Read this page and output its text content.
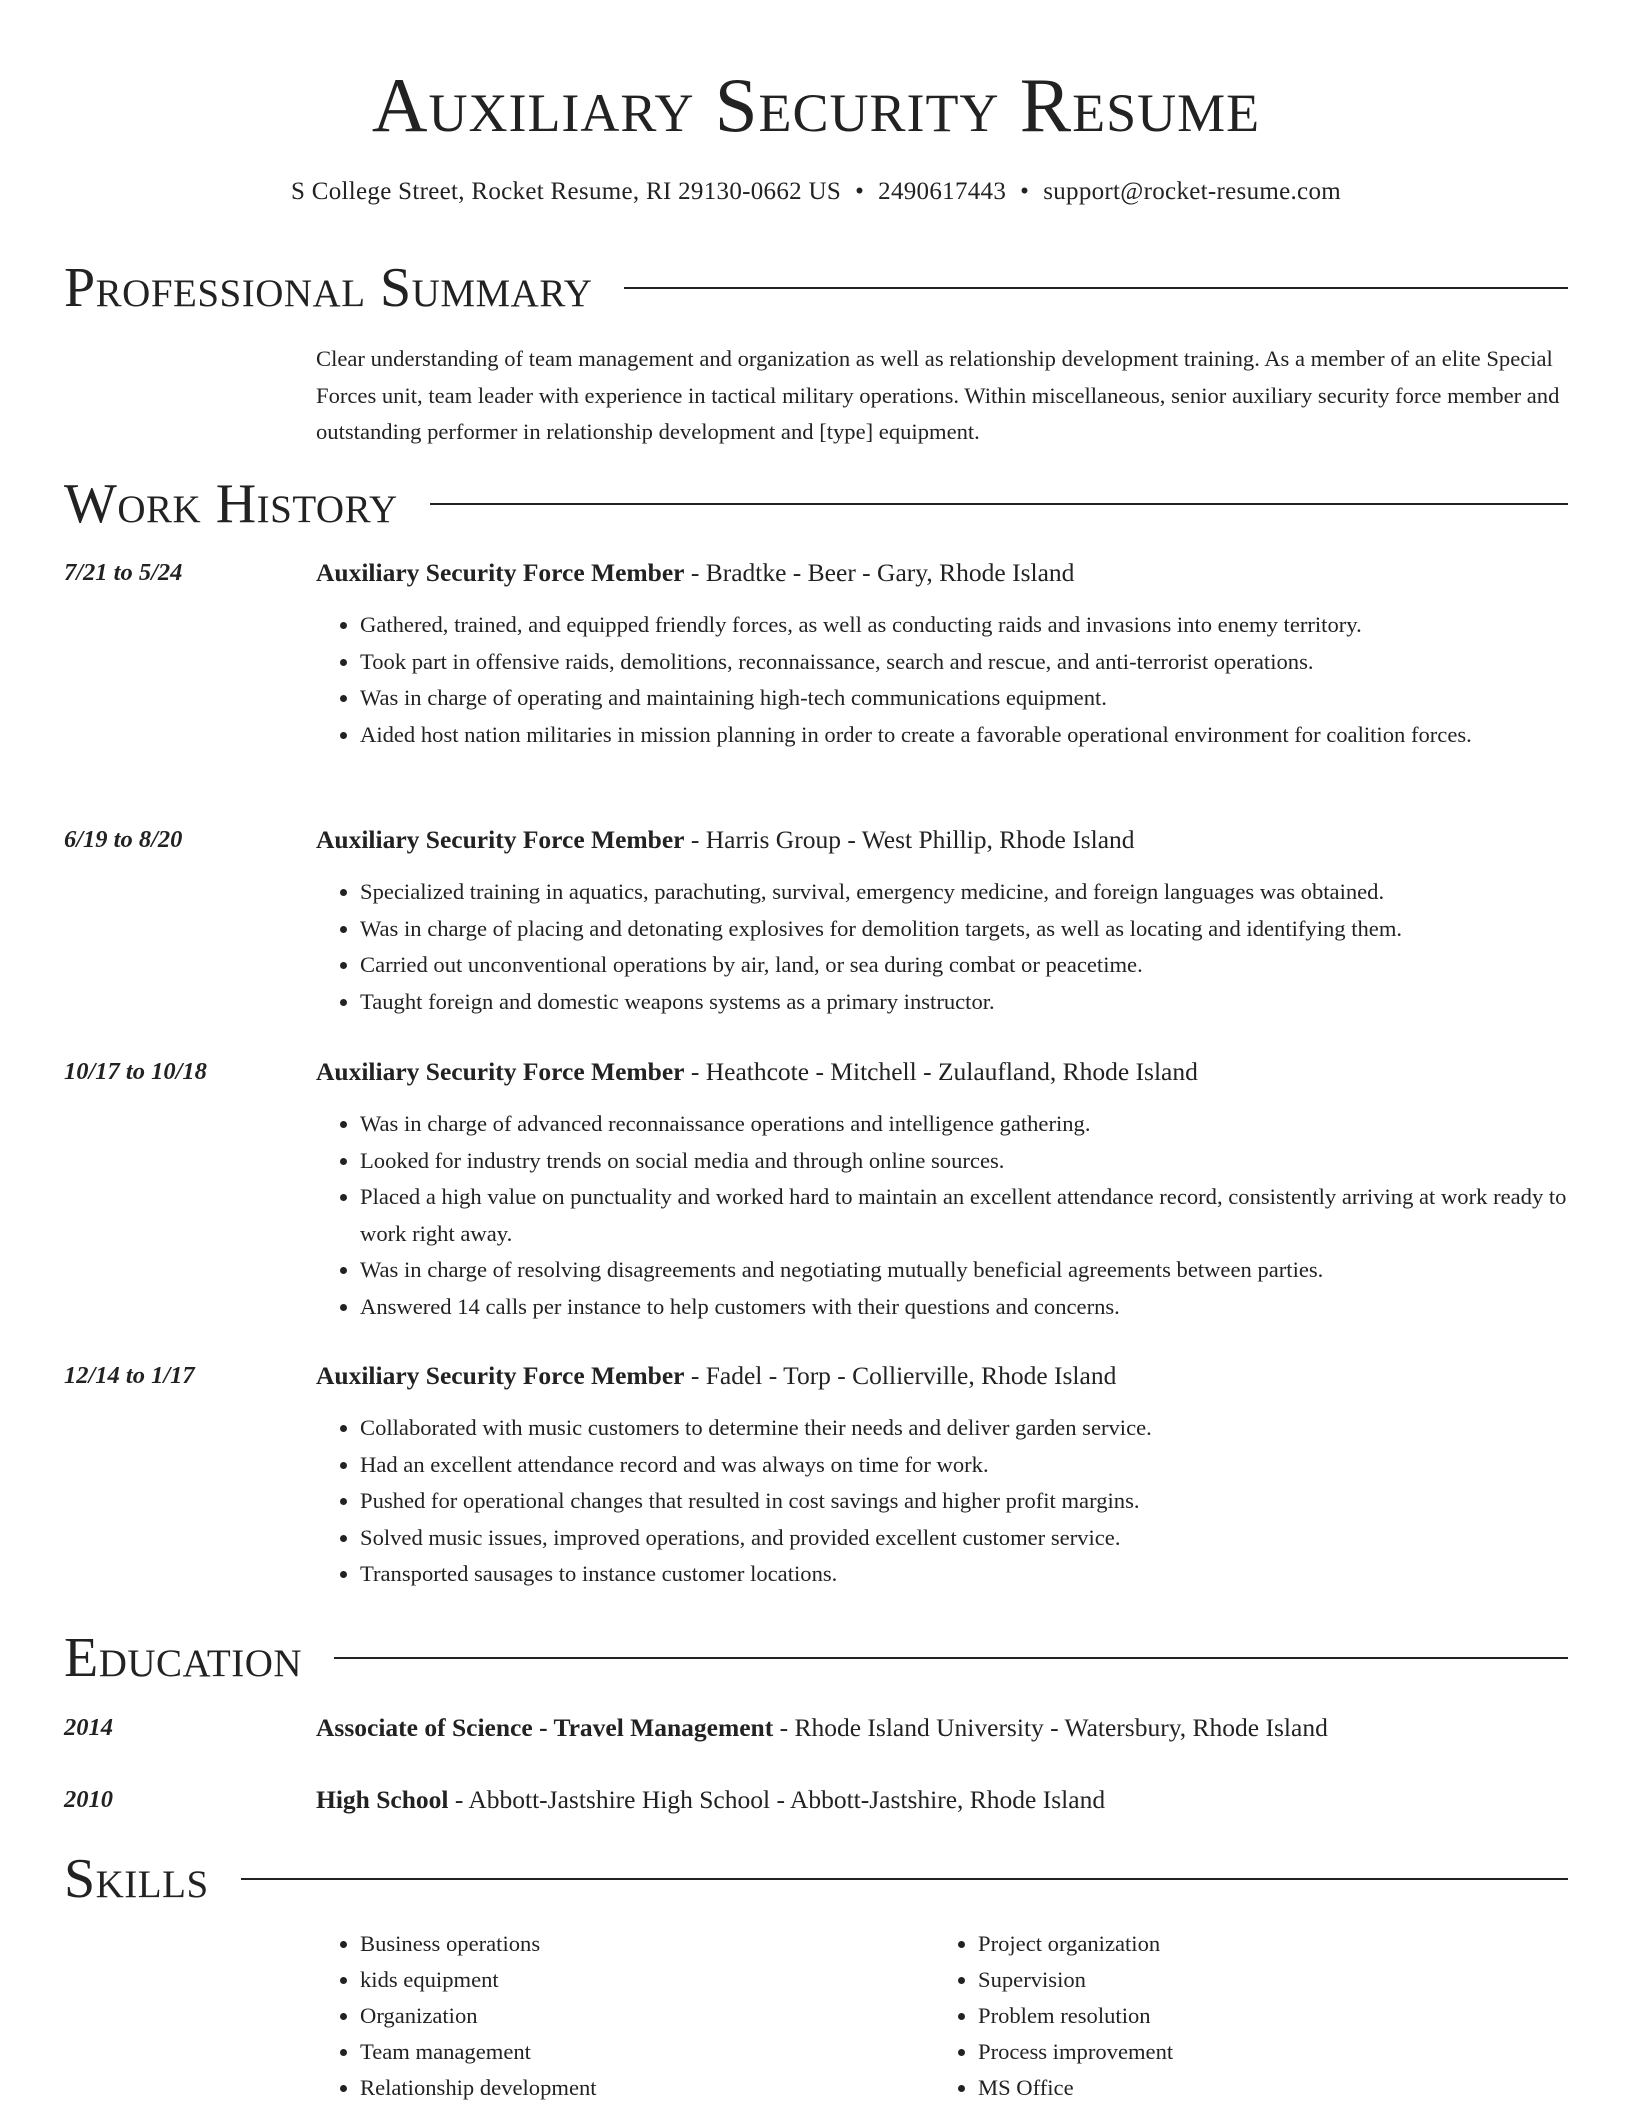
Auxiliary Security Resume
S College Street, Rocket Resume, RI 29130-0662 US • 2490617443 • support@rocket-resume.com
Professional Summary

Clear understanding of team management and organization as well as relationship development training. As a member of an elite Special Forces unit, team leader with experience in tactical military operations. Within miscellaneous, senior auxiliary security force member and outstanding performer in relationship development and [type] equipment.

Work History
7/21 to 5/24	Auxiliary Security Force Member - Bradtke - Beer - Gary, Rhode Island
• Gathered, trained, and equipped friendly forces, as well as conducting raids and invasions into enemy territory.
• Took part in offensive raids, demolitions, reconnaissance, search and rescue, and anti-terrorist operations.
• Was in charge of operating and maintaining high-tech communications equipment.
• Aided host nation militaries in mission planning in order to create a favorable operational environment for coalition forces.
6/19 to 8/20	Auxiliary Security Force Member - Harris Group - West Phillip, Rhode Island
• Specialized training in aquatics, parachuting, survival, emergency medicine, and foreign languages was obtained.
• Was in charge of placing and detonating explosives for demolition targets, as well as locating and identifying them.
• Carried out unconventional operations by air, land, or sea during combat or peacetime.
• Taught foreign and domestic weapons systems as a primary instructor.
10/17 to 10/18	Auxiliary Security Force Member - Heathcote - Mitchell - Zulaufland, Rhode Island
• Was in charge of advanced reconnaissance operations and intelligence gathering.
• Looked for industry trends on social media and through online sources.
• Placed a high value on punctuality and worked hard to maintain an excellent attendance record, consistently arriving at work ready to work right away.
• Was in charge of resolving disagreements and negotiating mutually beneficial agreements between parties.
• Answered 14 calls per instance to help customers with their questions and concerns.
12/14 to 1/17	Auxiliary Security Force Member - Fadel - Torp - Collierville, Rhode Island
• Collaborated with music customers to determine their needs and deliver garden service.
• Had an excellent attendance record and was always on time for work.
• Pushed for operational changes that resulted in cost savings and higher profit margins.
• Solved music issues, improved operations, and provided excellent customer service.
• Transported sausages to instance customer locations.
Education
2014	Associate of Science - Travel Management - Rhode Island University - Watersbury, Rhode Island
2010	High School - Abbott-Jastshire High School - Abbott-Jastshire, Rhode Island
Skills
• Business operations
• kids equipment
• Organization
• Team management
• Relationship development
• Project organization
• Supervision
• Problem resolution
• Process improvement
• MS Office
